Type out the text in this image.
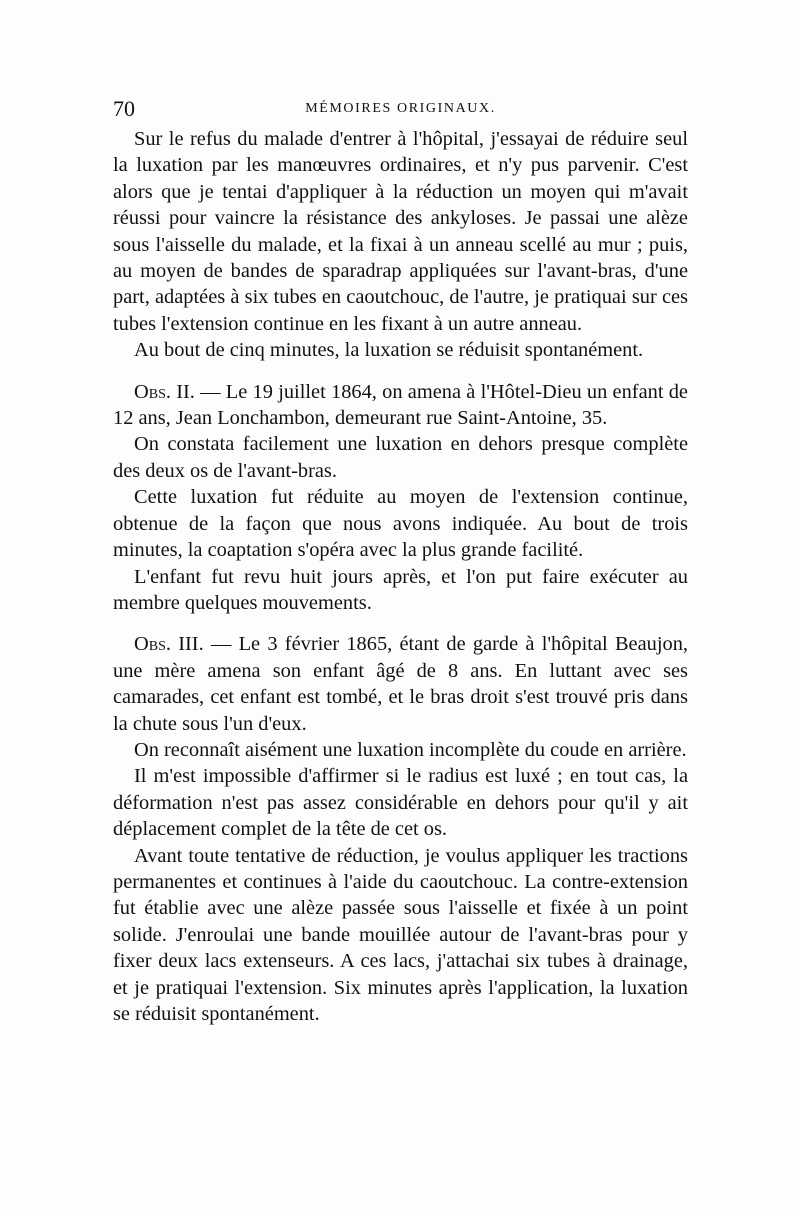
70	MÉMOIRES ORIGINAUX.

Sur le refus du malade d'entrer à l'hôpital, j'essayai de réduire seul la luxation par les manœuvres ordinaires, et n'y pus parvenir. C'est alors que je tentai d'appliquer à la réduction un moyen qui m'avait réussi pour vaincre la résistance des ankyloses. Je passai une alèze sous l'aisselle du malade, et la fixai à un anneau scellé au mur ; puis, au moyen de bandes de sparadrap appliquées sur l'avant-bras, d'une part, adaptées à six tubes en caoutchouc, de l'autre, je pratiquai sur ces tubes l'extension continue en les fixant à un autre anneau.

Au bout de cinq minutes, la luxation se réduisit spontanément.

Obs. II. — Le 19 juillet 1864, on amena à l'Hôtel-Dieu un enfant de 12 ans, Jean Lonchambon, demeurant rue Saint-Antoine, 35.

On constata facilement une luxation en dehors presque complète des deux os de l'avant-bras.

Cette luxation fut réduite au moyen de l'extension continue, obtenue de la façon que nous avons indiquée. Au bout de trois minutes, la coaptation s'opéra avec la plus grande facilité.

L'enfant fut revu huit jours après, et l'on put faire exécuter au membre quelques mouvements.

Obs. III. — Le 3 février 1865, étant de garde à l'hôpital Beaujon, une mère amena son enfant âgé de 8 ans. En luttant avec ses camarades, cet enfant est tombé, et le bras droit s'est trouvé pris dans la chute sous l'un d'eux.

On reconnaît aisément une luxation incomplète du coude en arrière.

Il m'est impossible d'affirmer si le radius est luxé ; en tout cas, la déformation n'est pas assez considérable en dehors pour qu'il y ait déplacement complet de la tête de cet os.

Avant toute tentative de réduction, je voulus appliquer les tractions permanentes et continues à l'aide du caoutchouc. La contre-extension fut établie avec une alèze passée sous l'aisselle et fixée à un point solide. J'enroulai une bande mouillée autour de l'avant-bras pour y fixer deux lacs extenseurs. A ces lacs, j'attachai six tubes à drainage, et je pratiquai l'extension. Six minutes après l'application, la luxation se réduisit spontanément.
